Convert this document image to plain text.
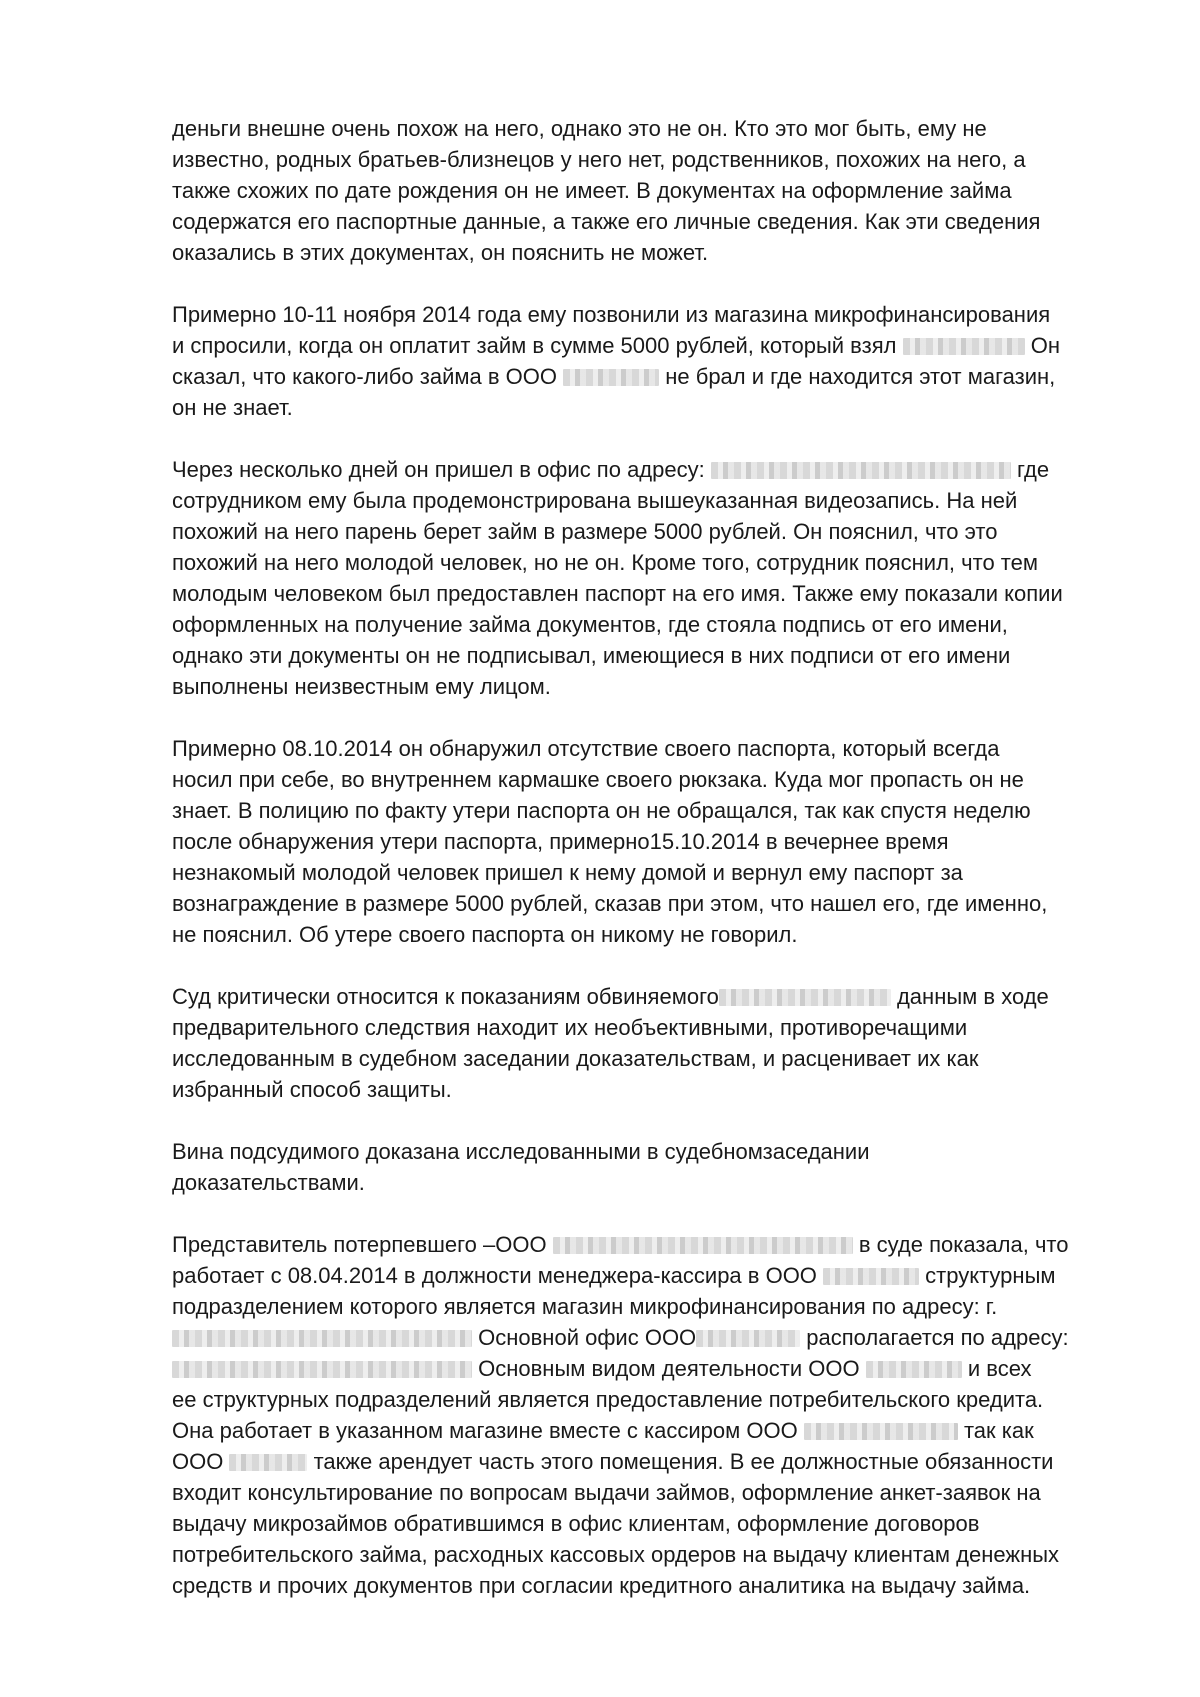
деньги внешне очень похож на него, однако это не он. Кто это мог быть, ему не
известно, родных братьев-близнецов у него нет, родственников, похожих на него, а
также схожих по дате рождения он не имеет. В документах на оформление займа
содержатся его паспортные данные, а также его личные сведения. Как эти сведения
оказались в этих документах, он пояснить не может.

Примерно 10-11 ноября 2014 года ему позвонили из магазина микрофинансирования
и спросили, когда он оплатит займ в сумме 5000 рублей, который взял	Он
сказал, что какого-либо займа в ООО	не брал и где находится этот магазин,
он не знает.

Через несколько дней он пришел в офис по адресу:	где
сотрудником ему была продемонстрирована вышеуказанная видеозапись. На ней
похожий на него парень берет займ в размере 5000 рублей. Он пояснил, что это
похожий на него молодой человек, но не он. Кроме того, сотрудник пояснил, что тем
молодым человеком был предоставлен паспорт на его имя. Также ему показали копии
оформленных на получение займа документов, где стояла подпись от его имени,
однако эти документы он не подписывал, имеющиеся в них подписи от его имени
выполнены неизвестным ему лицом.

Примерно 08.10.2014 он обнаружил отсутствие своего паспорта, который всегда
носил при себе, во внутреннем кармашке своего рюкзака. Куда мог пропасть он не
знает. В полицию по факту утери паспорта он не обращался, так как спустя неделю
после обнаружения утери паспорта, примерно15.10.2014 в вечернее время
незнакомый молодой человек пришел к нему домой и вернул ему паспорт за
вознаграждение в размере 5000 рублей, сказав при этом, что нашел его, где именно,
не пояснил. Об утере своего паспорта он никому не говорил.

Суд критически относится к показаниям обвиняемого	данным в ходе
предварительного следствия находит их необъективными, противоречащими
исследованным в судебном заседании доказательствам, и расценивает их как
избранный способ защиты.

Вина подсудимого доказана исследованными в судебномзаседании
доказательствами.

Представитель потерпевшего –ООО	в суде показала, что
работает с 08.04.2014 в должности менеджера-кассира в ООО	структурным
подразделением которого является магазин микрофинансирования по адресу: г.
Основной офис ООО	располагается по адресу:
Основным видом деятельности ООО	и всех
ее структурных подразделений является предоставление потребительского кредита.
Она работает в указанном магазине вместе с кассиром ООО	так как
ООО	также арендует часть этого помещения. В ее должностные обязанности
входит консультирование по вопросам выдачи займов, оформление анкет-заявок на
выдачу микрозаймов обратившимся в офис клиентам, оформление договоров
потребительского займа, расходных кассовых ордеров на выдачу клиентам денежных
средств и прочих документов при согласии кредитного аналитика на выдачу займа.
